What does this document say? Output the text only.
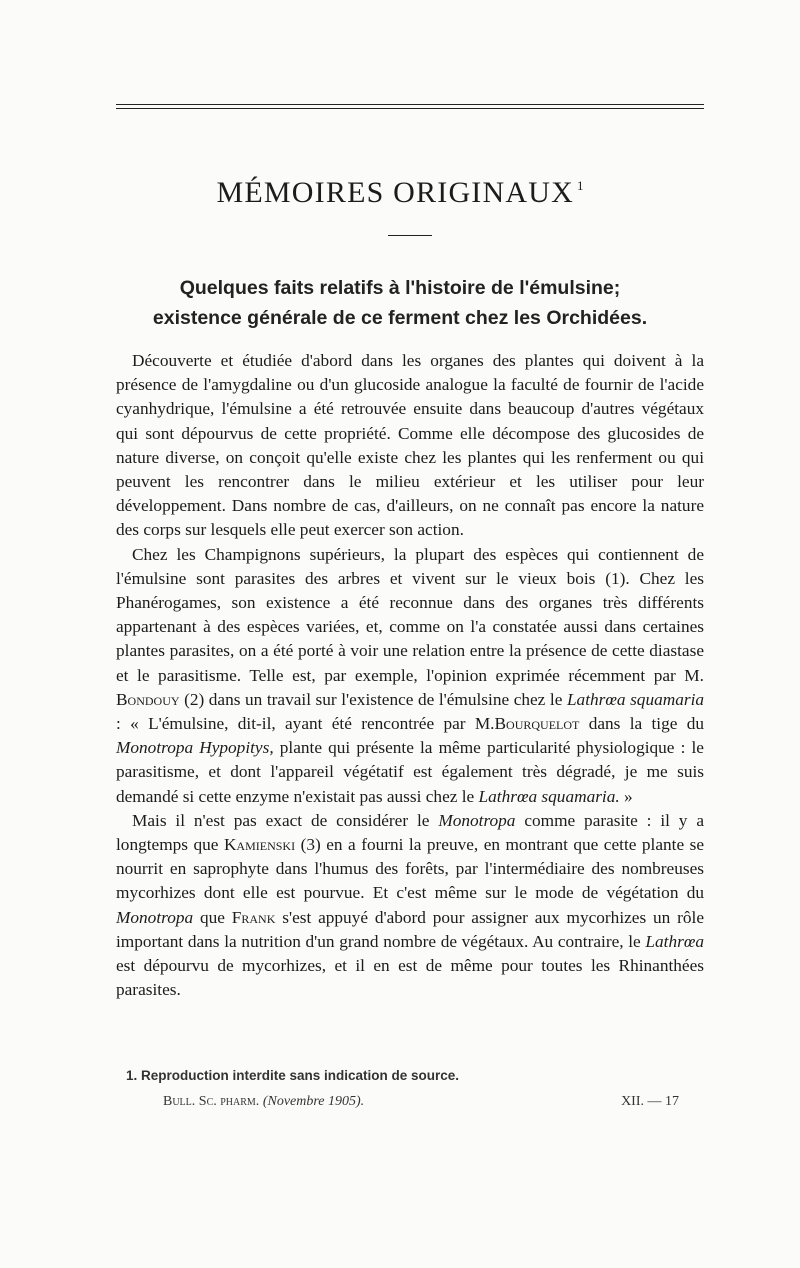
MÉMOIRES ORIGINAUX $^1$
Quelques faits relatifs à l'histoire de l'émulsine;
existence générale de ce ferment chez les Orchidées.

Découverte et étudiée d'abord dans les organes des plantes qui doivent à la présence de l'amygdaline ou d'un glucoside analogue la faculté de fournir de l'acide cyanhydrique, l'émulsine a été retrouvée ensuite dans beaucoup d'autres végétaux qui sont dépourvus de cette propriété. Comme elle décompose des glucosides de nature diverse, on conçoit qu'elle existe chez les plantes qui les renferment ou qui peuvent les rencontrer dans le milieu extérieur et les utiliser pour leur développement. Dans nombre de cas, d'ailleurs, on ne connaît pas encore la nature des corps sur lesquels elle peut exercer son action.

Chez les Champignons supérieurs, la plupart des espèces qui contiennent de l'émulsine sont parasites des arbres et vivent sur le vieux bois (1). Chez les Phanérogames, son existence a été reconnue dans des organes très différents appartenant à des espèces variées, et, comme on l'a constatée aussi dans certaines plantes parasites, on a été porté à voir une relation entre la présence de cette diastase et le parasitisme. Telle est, par exemple, l'opinion exprimée récemment par M. Bondouy (2) dans un travail sur l'existence de l'émulsine chez le Lathrœa squamaria : « L'émulsine, dit-il, ayant été rencontrée par M.Bourquelot dans la tige du Monotropa Hypopitys, plante qui présente la même particularité physiologique : le parasitisme, et dont l'appareil végétatif est également très dégradé, je me suis demandé si cette enzyme n'existait pas aussi chez le Lathrœa squamaria. »

Mais il n'est pas exact de considérer le Monotropa comme parasite : il y a longtemps que Kamienski (3) en a fourni la preuve, en montrant que cette plante se nourrit en saprophyte dans l'humus des forêts, par l'intermédiaire des nombreuses mycorhizes dont elle est pourvue. Et c'est même sur le mode de végétation du Monotropa que Frank s'est appuyé d'abord pour assigner aux mycorhizes un rôle important dans la nutrition d'un grand nombre de végétaux. Au contraire, le Lathrœa est dépourvu de mycorhizes, et il en est de même pour toutes les Rhinanthées parasites.

1. Reproduction interdite sans indication de source.
Bull. Sc. pharm. (Novembre 1905).	XII. — 17
